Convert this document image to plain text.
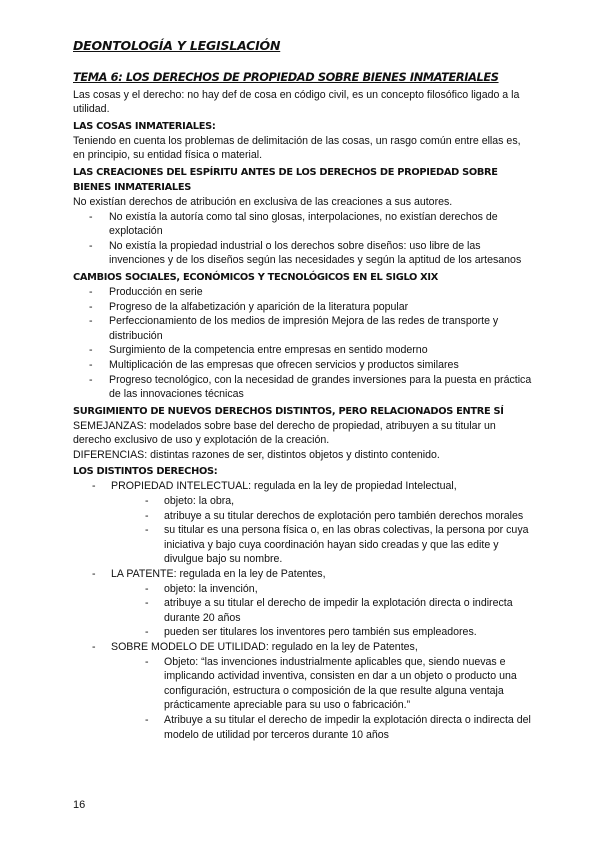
DEONTOLOGÍA Y LEGISLACIÓN
TEMA 6: LOS DERECHOS DE PROPIEDAD SOBRE BIENES INMATERIALES

Las cosas y el derecho: no hay def de cosa en código civil, es un concepto filosófico ligado a la utilidad.

LAS COSAS INMATERIALES:

Teniendo en cuenta los problemas de delimitación de las cosas, un rasgo común entre ellas es, en principio, su entidad física o material.

LAS CREACIONES DEL ESPÍRITU ANTES DE LOS DERECHOS DE PROPIEDAD SOBRE BIENES INMATERIALES

No existían derechos de atribución en exclusiva de las creaciones a sus autores.

- No existía la autoría como tal sino glosas, interpolaciones, no existían derechos de explotación
- No existía la propiedad industrial o los derechos sobre diseños: uso libre de las invenciones y de los diseños según las necesidades y según la aptitud de los artesanos
CAMBIOS SOCIALES, ECONÓMICOS Y TECNOLÓGICOS EN EL SIGLO XIX
- Producción en serie
- Progreso de la alfabetización y aparición de la literatura popular
- Perfeccionamiento de los medios de impresión Mejora de las redes de transporte y distribución
- Surgimiento de la competencia entre empresas en sentido moderno
- Multiplicación de las empresas que ofrecen servicios y productos similares
- Progreso tecnológico, con la necesidad de grandes inversiones para la puesta en práctica de las innovaciones técnicas
SURGIMIENTO DE NUEVOS DERECHOS DISTINTOS, PERO RELACIONADOS ENTRE SÍ

SEMEJANZAS: modelados sobre base del derecho de propiedad, atribuyen a su titular un derecho exclusivo de uso y explotación de la creación.

DIFERENCIAS: distintas razones de ser, distintos objetos y distinto contenido.

LOS DISTINTOS DERECHOS:
- PROPIEDAD INTELECTUAL: regulada en la ley de propiedad Intelectual,
- objeto: la obra,
- atribuye a su titular derechos de explotación pero también derechos morales
- su titular es una persona física o, en las obras colectivas, la persona por cuya iniciativa y bajo cuya coordinación hayan sido creadas y que las edite y divulgue bajo su nombre.
- LA PATENTE: regulada en la ley de Patentes,
- objeto: la invención,
- atribuye a su titular el derecho de impedir la explotación directa o indirecta durante 20 años
- pueden ser titulares los inventores pero también sus empleadores.
- SOBRE MODELO DE UTILIDAD: regulado en la ley de Patentes,
- Objeto: “las invenciones industrialmente aplicables que, siendo nuevas e implicando actividad inventiva, consisten en dar a un objeto o producto una configuración, estructura o composición de la que resulte alguna ventaja prácticamente apreciable para su uso o fabricación.”
- Atribuye a su titular el derecho de impedir la explotación directa o indirecta del modelo de utilidad por terceros durante 10 años
16
